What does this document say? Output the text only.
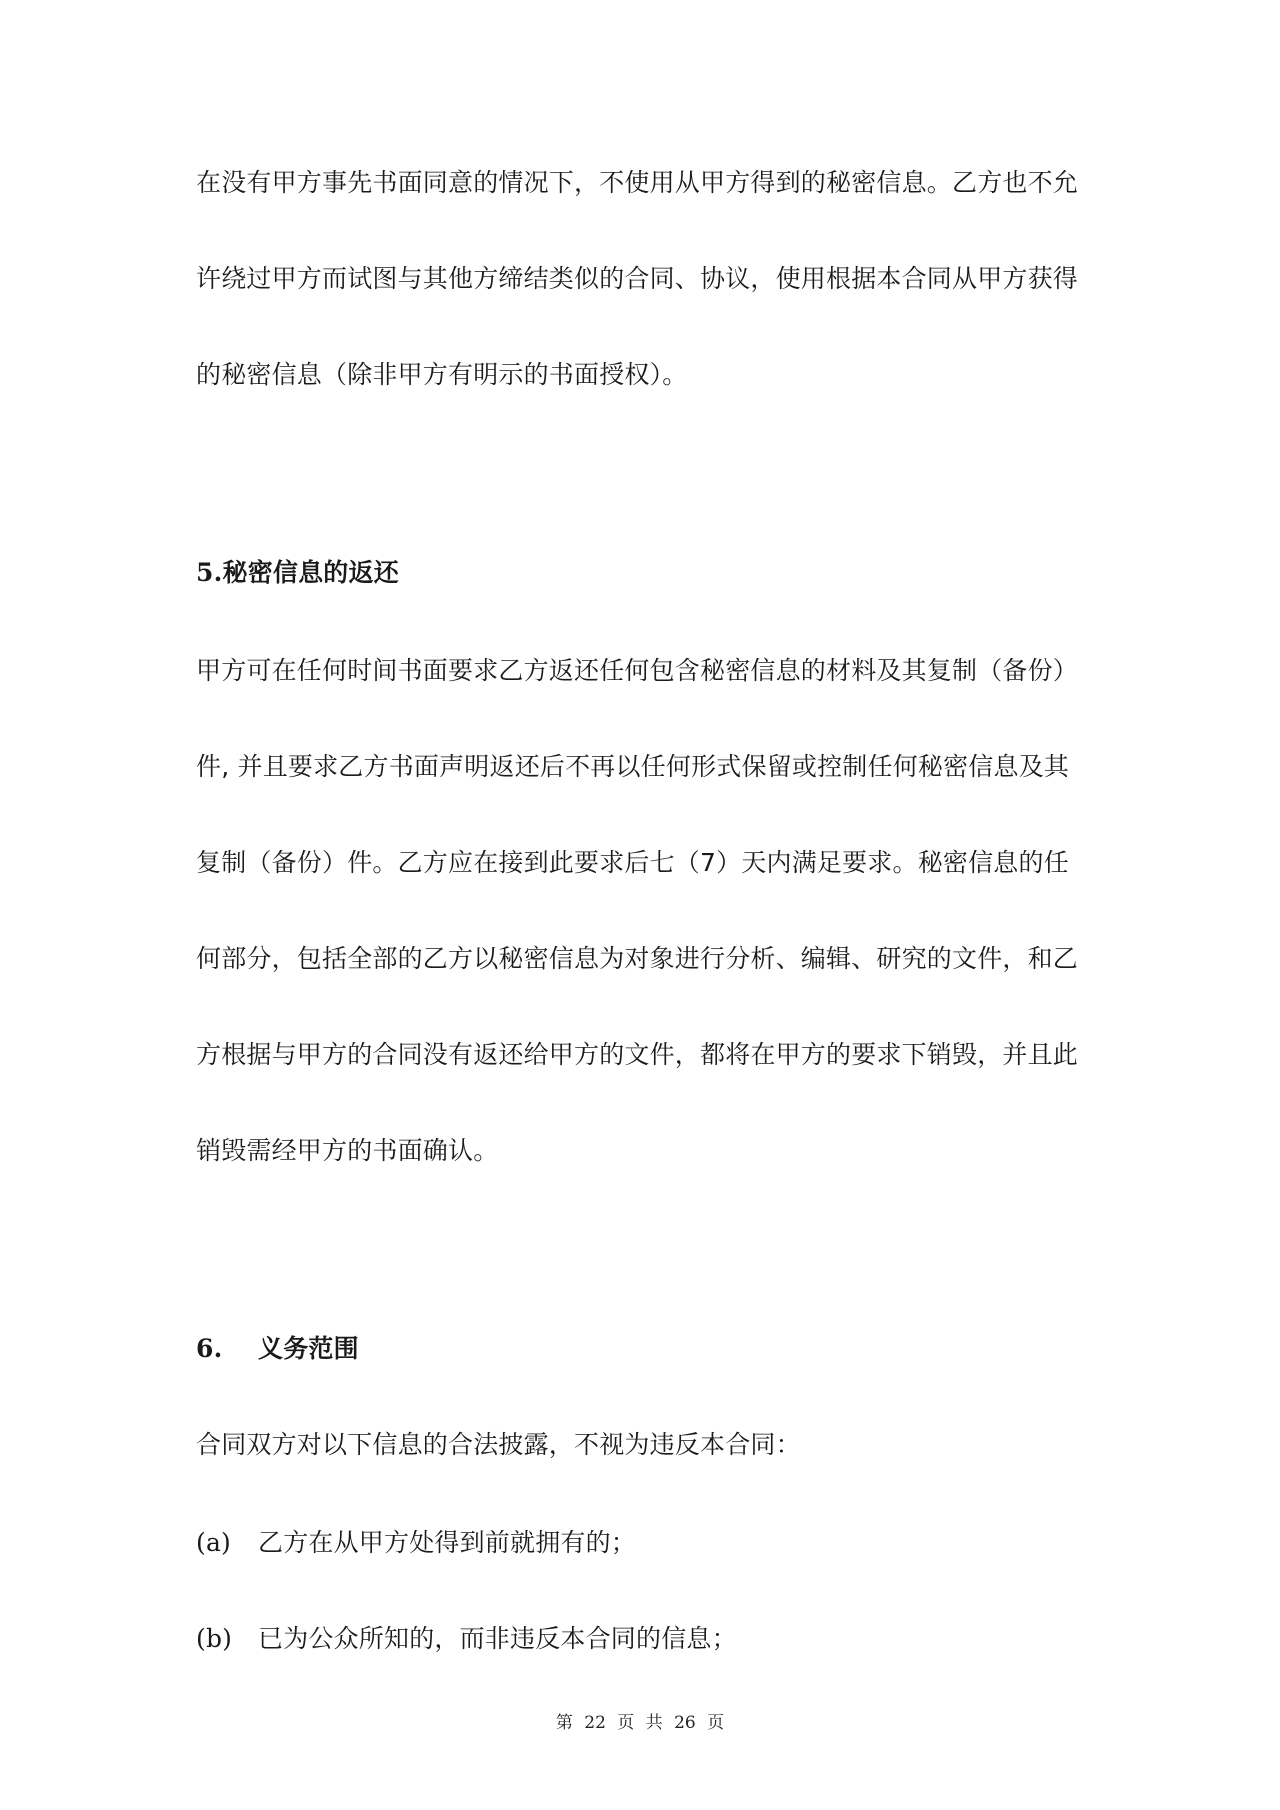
在没有甲方事先书面同意的情况下，不使用从甲方得到的秘密信息。乙方也不允
许绕过甲方而试图与其他方缔结类似的合同、协议，使用根据本合同从甲方获得
的秘密信息（除非甲方有明示的书面授权）。
5.秘密信息的返还
甲方可在任何时间书面要求乙方返还任何包含秘密信息的材料及其复制（备份）
件, 并且要求乙方书面声明返还后不再以任何形式保留或控制任何秘密信息及其
复制（备份）件。乙方应在接到此要求后七（7）天内满足要求。秘密信息的任
何部分，包括全部的乙方以秘密信息为对象进行分析、编辑、研究的文件，和乙
方根据与甲方的合同没有返还给甲方的文件，都将在甲方的要求下销毁，并且此
销毁需经甲方的书面确认。
6. 义务范围
合同双方对以下信息的合法披露，不视为违反本合同：
(a) 乙方在从甲方处得到前就拥有的；
(b) 已为公众所知的，而非违反本合同的信息；
第 22 页 共 26 页
